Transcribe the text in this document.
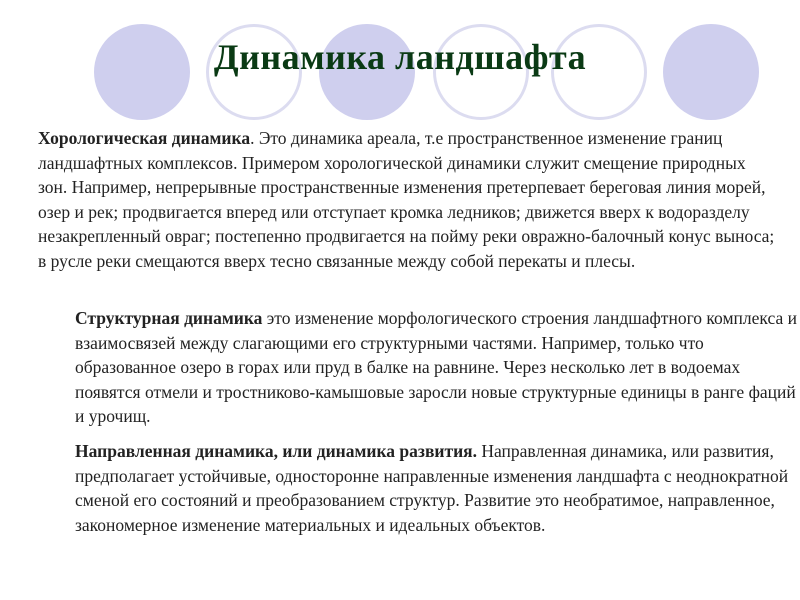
Динамика ландшафта

Хорологическая динамика. Это динамика ареала, т.е пространственное изменение границ ландшафтных комплексов. Примером хорологической динамики служит смещение природных зон. Например, непрерывные пространственные изменения претерпевает береговая линия морей, озер и рек; продвигается вперед или отступает кромка ледников; движется вверх к водоразделу незакрепленный овраг; постепенно продвигается на пойму реки овражно-балочный конус выноса; в русле реки смещаются вверх тесно связанные между собой перекаты и плесы.

Структурная динамика это изменение морфологического строения ландшафтного комплекса и взаимосвязей между слагающими его структурными частями. Например, только что образованное озеро в горах или пруд в балке на равнине. Через несколько лет в водоемах появятся отмели и тростниково-камышовые заросли новые структурные единицы в ранге фаций и урочищ.

Направленная динамика, или динамика развития. Направленная динамика, или развития, предполагает устойчивые, односторонне направленные изменения ландшафта с неоднократной сменой его состояний и преобразованием структур. Развитие это необратимое, направленное, закономерное изменение материальных и идеальных объектов.
